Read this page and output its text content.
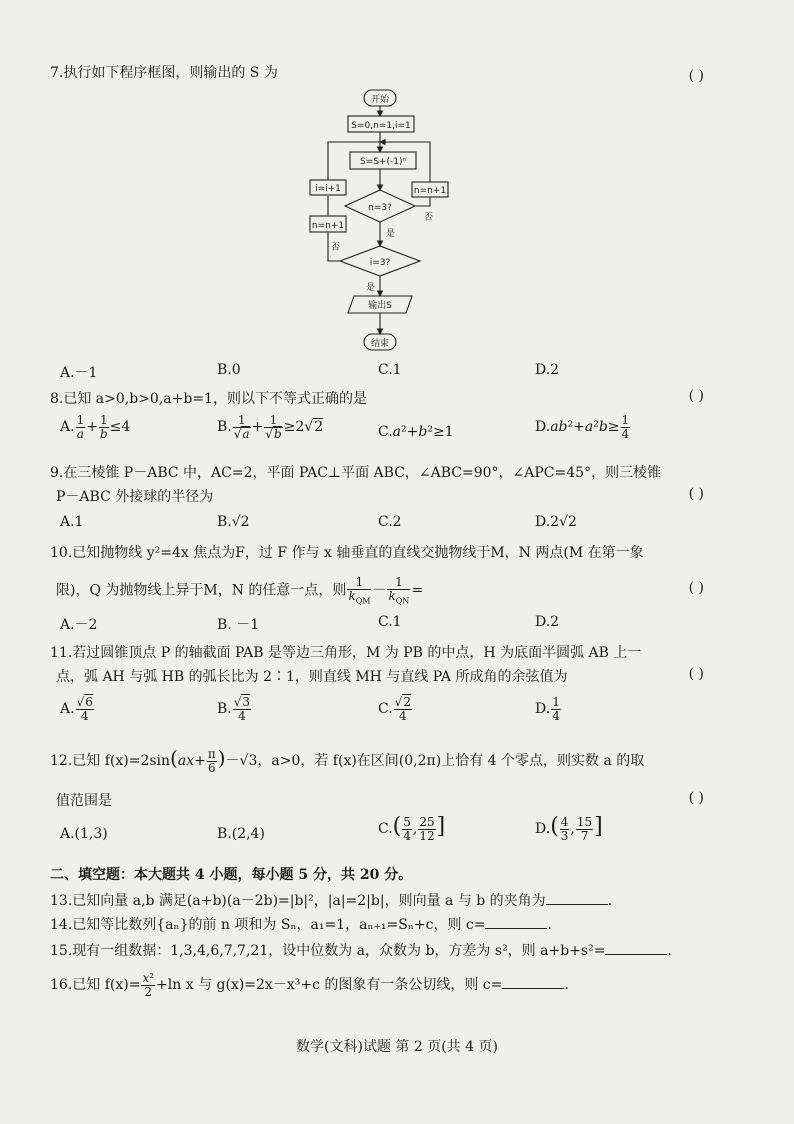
7.执行如下程序框图，则输出的 S 为	( )
开始
S=0,n=1,i=1
S=S+(-1)ⁿ
n=3?
i=3?
输出S
结束
n=n+1
i=i+1
n=n+1
是
是
否
否
A.－1	B.0	C.1	D.2
8.已知 a>0,b>0,a+b=1，则以下不等式正确的是	( )
A. $\frac{1}{a} + \frac{1}{b} \le 4$	B. $\frac{1}{√a} + \frac{1}{√b} \ge 2√2$	C.a²+b²≥1	$D.ab^2+a^2b\ge \frac{1}{4}$
9.在三棱锥 P－ABC 中，AC=2，平面 PAC⊥平面 ABC，∠ABC=90°，∠APC=45°，则三棱锥
P－ABC 外接球的半径为	( )
A.1	B.√2	C.2	D.2√2
10.已知抛物线 y²=4x 焦点为F，过 F 作与 x 轴垂直的直线交抛物线于M，N 两点(M 在第一象
限)，Q 为抛物线上异于M，N 的任意一点，则 $\frac{1}{k_{QM}} - \frac{1}{k_{QN}}$ =	( )
A.－2	B. －1	C.1	D.2
11.若过圆锥顶点 P 的轴截面 PAB 是等边三角形，M 为 PB 的中点，H 为底面半圆弧 AB 上一
点，弧 AH 与弧 HB 的弧长比为 2∶1，则直线 MH 与直线 PA 所成角的余弦值为	( )
A. $\frac{√6}{4}$	B. $\frac{√3}{4}$	C. $\frac{√2}{4}$	D. $\frac{1}{4}$
12.已知 $f(x)=2\sin(ax+ \frac{\pi}{6} )-√3$，a>0，若 f(x)在区间(0,2π)上恰有 4 个零点，则实数 a 的取
值范围是	( )
A.(1,3)	B.(2,4)	$C.( \frac{5}{4}$ , $\frac{25}{12}$ ]	$D.( \frac{4}{3}$ , $\frac{15}{7}$ ]
二、填空题：本大题共 4 小题，每小题 5 分，共 20 分。
13.已知向量 a,b 满足(a+b)(a－2b)=|b|²，|a|=2|b|，则向量 a 与 b 的夹角为	.
14.已知等比数列{aₙ}的前 n 项和为 Sₙ，a₁=1，aₙ₊₁=Sₙ+c，则 c=	.
15.现有一组数据：1,3,4,6,7,7,21，设中位数为 a，众数为 b，方差为 s²，则 a+b+s²=	.
16.已知 $f(x)= \frac{\text{x²}}{2} +\ln$ x 与 g(x)=2x－x³+c 的图象有一条公切线，则 c=	.
数学(文科)试题 第 2 页(共 4 页)
